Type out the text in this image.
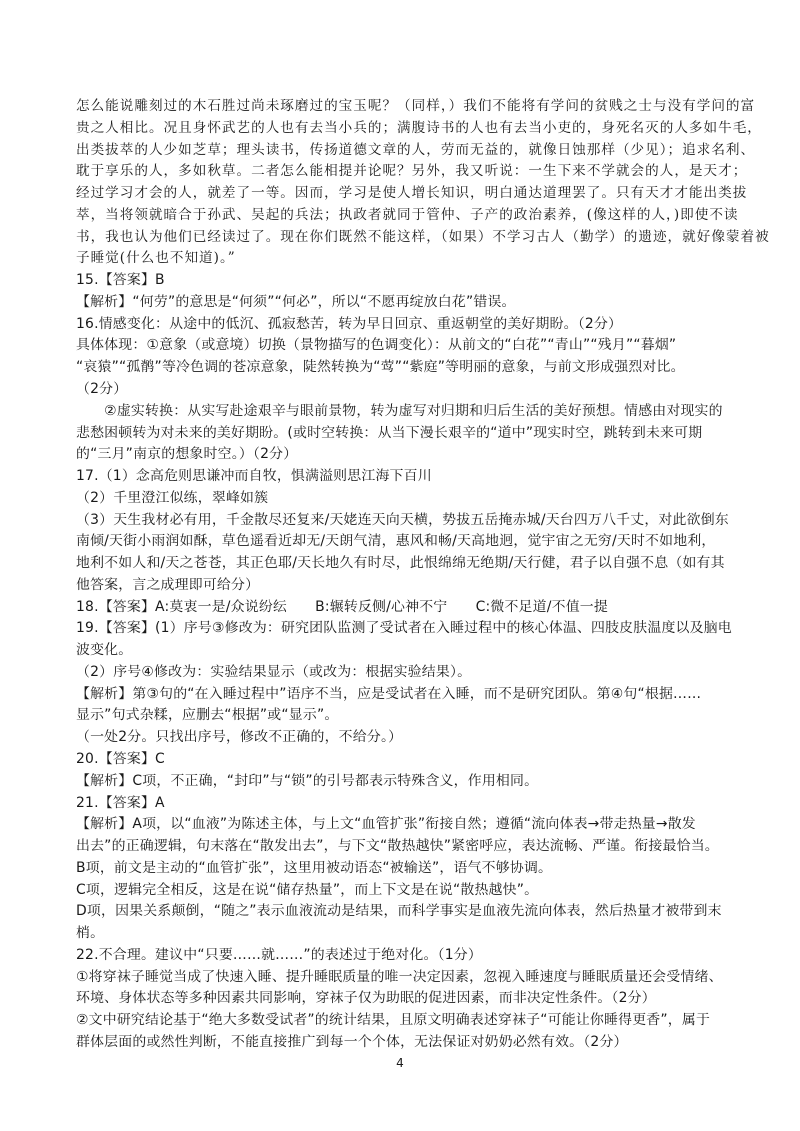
怎么能说雕刻过的木石胜过尚未琢磨过的宝玉呢？（同样，）我们不能将有学问的贫贱之士与没有学问的富
贵之人相比。况且身怀武艺的人也有去当小兵的；满腹诗书的人也有去当小吏的，身死名灭的人多如牛毛，
出类拔萃的人少如芝草；理头读书，传扬道德文章的人，劳而无益的，就像日蚀那样（少见）；追求名利、
耽于享乐的人，多如秋草。二者怎么能相提并论呢？另外，我又听说：一生下来不学就会的人，是天才；
经过学习才会的人，就差了一等。因而，学习是使人增长知识，明白通达道理罢了。只有天才才能出类拔
萃，当将领就暗合于孙武、吴起的兵法；执政者就同于管仲、子产的政治素养，(像这样的人，)即使不读
书，我也认为他们已经读过了。现在你们既然不能这样，（如果）不学习古人（勤学）的遗迹，就好像蒙着被
子睡觉(什么也不知道)。”
15.【答案】B
【解析】“何劳”的意思是“何须”“何必”，所以“不愿再绽放白花”错误。
16.情感变化：从途中的低沉、孤寂愁苦，转为早日回京、重返朝堂的美好期盼。（2分）
具体体现：①意象（或意境）切换（景物描写的色调变化）：从前文的“白花”“青山”“残月”“暮烟”
“哀猿”“孤鹡”等冷色调的苍凉意象，陡然转换为“莺”“紫庭”等明丽的意象，与前文形成强烈对比。
（2分）
　　②虚实转换：从实写赴途艰辛与眼前景物，转为虚写对归期和归后生活的美好预想。情感由对现实的
悲愁困顿转为对未来的美好期盼。(或时空转换：从当下漫长艰辛的“道中”现实时空，跳转到未来可期
的“三月”南京的想象时空。）（2分）
17.（1）念高危则思谦冲而自牧，惧满溢则思江海下百川
（2）千里澄江似练，翠峰如簇
（3）天生我材必有用，千金散尽还复来/天姥连天向天横，势拔五岳掩赤城/天台四万八千丈，对此欲倒东
南倾/天街小雨润如酥，草色遥看近却无/天朗气清，惠风和畅/天高地迥，觉宇宙之无穷/天时不如地利，
地利不如人和/天之苍苍，其正色耶/天长地久有时尽，此恨绵绵无绝期/天行健，君子以自强不息（如有其
他答案，言之成理即可给分）
18.【答案】A:莫衷一是/众说纷纭　　B:辗转反侧/心神不宁　　C:微不足道/不值一提
19.【答案】(1）序号③修改为：研究团队监测了受试者在入睡过程中的核心体温、四肢皮肤温度以及脑电
波变化。
（2）序号④修改为：实验结果显示（或改为：根据实验结果）。
【解析】第③句的“在入睡过程中”语序不当，应是受试者在入睡，而不是研究团队。第④句“根据……
显示”句式杂糅，应删去“根据”或“显示”。
（一处2分。只找出序号，修改不正确的，不给分。）
20.【答案】C
【解析】C项，不正确，“封印”与“锁”的引号都表示特殊含义，作用相同。
21.【答案】A
【解析】A项，以“血液”为陈述主体，与上文“血管扩张”衔接自然；遵循“流向体表→带走热量→散发
出去”的正确逻辑，句末落在“散发出去”，与下文“散热越快”紧密呼应，表达流畅、严谨。衔接最恰当。
B项，前文是主动的“血管扩张”，这里用被动语态“被输送”，语气不够协调。
C项，逻辑完全相反，这是在说“储存热量”，而上下文是在说“散热越快”。
D项，因果关系颠倒，“随之”表示血液流动是结果，而科学事实是血液先流向体表，然后热量才被带到末
梢。
22.不合理。建议中“只要……就……”的表述过于绝对化。（1分）
①将穿袜子睡觉当成了快速入睡、提升睡眠质量的唯一决定因素，忽视入睡速度与睡眠质量还会受情绪、
环境、身体状态等多种因素共同影响，穿袜子仅为助眠的促进因素，而非决定性条件。（2分）
②文中研究结论基于“绝大多数受试者”的统计结果，且原文明确表述穿袜子“可能让你睡得更香”，属于
群体层面的或然性判断，不能直接推广到每一个个体，无法保证对奶奶必然有效。（2分）
4
